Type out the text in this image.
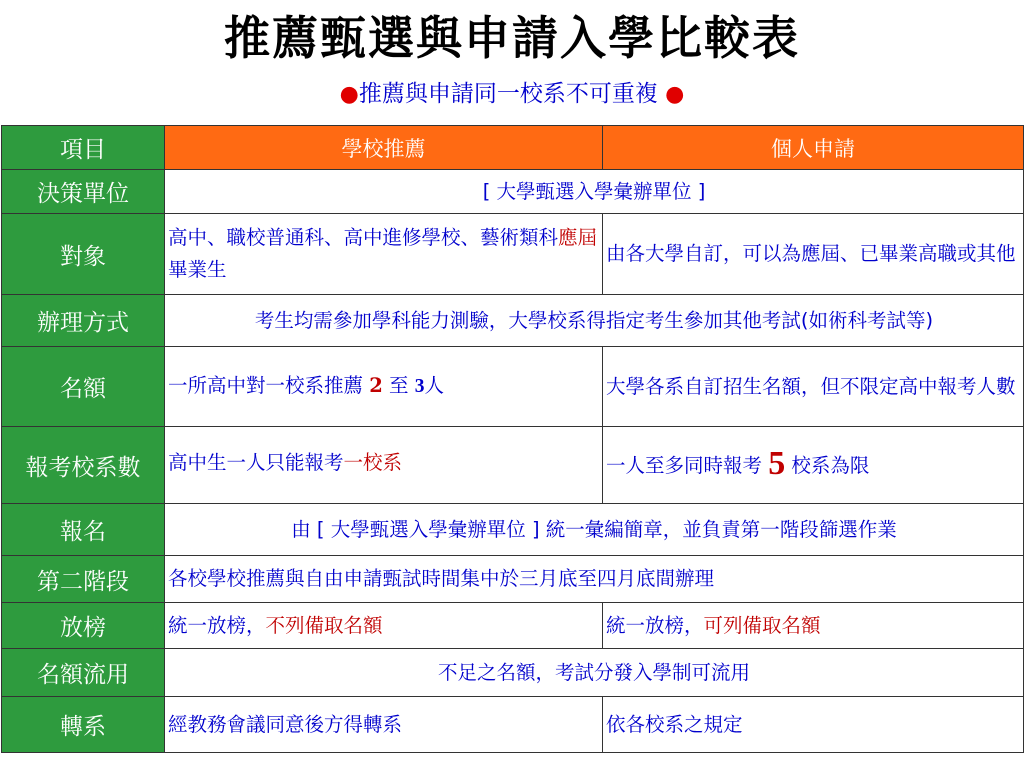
推薦甄選與申請入學比較表
●推薦與申請同一校系不可重複 ●
項目	學校推薦	個人申請
決策單位	[ 大學甄選入學彙辦單位 ]	
對象	高中、職校普通科、高中進修學校、藝術類科應屆畢業生	由各大學自訂，可以為應屆、已畢業高職或其他
辦理方式	考生均需參加學科能力測驗，大學校系得指定考生參加其他考試(如術科考試等)	
名額	一所高中對一校系推薦 2 至 3人	大學各系自訂招生名額，但不限定高中報考人數
報考校系數	高中生一人只能報考一校系	一人至多同時報考 5 校系為限
報名	由 [ 大學甄選入學彙辦單位 ] 統一彙編簡章，並負責第一階段篩選作業	
第二階段	各校學校推薦與自由申請甄試時間集中於三月底至四月底間辦理	
放榜	統一放榜，不列備取名額	統一放榜，可列備取名額
名額流用	不足之名額，考試分發入學制可流用	
轉系	經教務會議同意後方得轉系	依各校系之規定
